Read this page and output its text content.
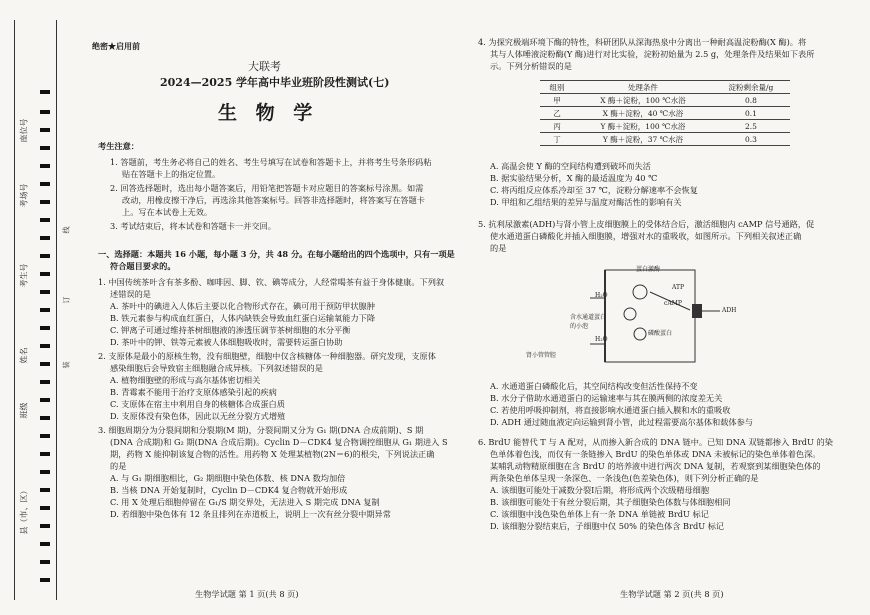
座位号
考场号
考生号
姓名
班级
县（市、区）
线
订
装
绝密★启用前
大联考
2024—2025 学年高中毕业班阶段性测试(七)
生 物 学
考生注意：
1. 答题前，考生务必将自己的姓名、考生号填写在试卷和答题卡上，并将考生号条形码粘
贴在答题卡上的指定位置。
2. 回答选择题时，选出每小题答案后，用铅笔把答题卡对应题目的答案标号涂黑。如需
改动，用橡皮擦干净后，再选涂其他答案标号。回答非选择题时，将答案写在答题卡
上。写在本试卷上无效。
3. 考试结束后，将本试卷和答题卡一并交回。
一、选择题：本题共 16 小题，每小题 3 分，共 48 分。在每小题给出的四个选项中，只有一项是
符合题目要求的。
1. 中国传统茶叶含有茶多酚、咖啡因、脚、钦、碘等成分，人经常喝茶有益于身体健康。下列叙
述错误的是
A. 茶叶中的碘进入人体后主要以化合物形式存在，碘可用于预防甲状腺肿
B. 铁元素参与构成血红蛋白，人体内缺铁会导致血红蛋白运输氧能力下降
C. 钾离子可通过维持茶树细胞液的渗透压调节茶树细胞的水分平衡
D. 茶叶中的钾、铁等元素被人体细胞吸收时，需要转运蛋白协助
2. 支原体是最小的原核生物，没有细胞壁，细胞中仅含核糖体一种细胞器。研究发现，支原体
感染细胞后会导致宿主细胞融合成异核。下列叙述错误的是
A. 植物细胞壁的形成与高尔基体密切相关
B. 青霉素不能用于治疗支原体感染引起的疾病
C. 支原体在宿主中利用自身的核糖体合成蛋白质
D. 支原体没有染色体，因此以无丝分裂方式增殖
3. 细胞周期分为分裂间期和分裂期(M 期)，分裂间期又分为 G₁ 期(DNA 合成前期)、S 期
(DNA 合成期)和 G₂ 期(DNA 合成后期)。Cyclin D－CDK4 复合物调控细胞从 G₁ 期进入 S
期，药物 X 能抑制该复合物的活性。用药物 X 处理某植物(2N＝6)的根尖，下列说法正确
的是
A. 与 G₁ 期细胞相比，G₂ 期细胞中染色体数、核 DNA 数均加倍
B. 当核 DNA 开始复制时，Cyclin D－CDK4 复合物就开始形成
C. 用 X 处理后细胞停留在 G₁/S 期交界处，无法进入 S 期完成 DNA 复制
D. 若细胞中染色体有 12 条且排列在赤道板上，说明上一次有丝分裂中期异常
生物学试题 第 1 页(共 8 页)
4. 为探究极端环境下酶的特性，科研团队从深海热泉中分离出一种耐高温淀粉酶(X 酶)。将
其与人体唾液淀粉酶(Y 酶)进行对比实验，淀粉初始量为 2.5 g，处理条件及结果如下表所
示。下列分析错误的是
组别	处理条件	淀粉剩余量/g
甲	X 酶＋淀粉，100 ℃水浴	0.8
乙	X 酶＋淀粉，40 ℃水浴	0.1
丙	Y 酶＋淀粉，100 ℃水浴	2.5
丁	Y 酶＋淀粉，37 ℃水浴	0.3
A. 高温会使 Y 酶的空间结构遭到破坏而失活
B. 据实验结果分析，X 酶的最适温度为 40 ℃
C. 将丙组反应体系冷却至 37 ℃，淀粉分解速率不会恢复
D. 甲组和乙组结果的差异与温度对酶活性的影响有关
5. 抗利尿激素(ADH)与肾小管上皮细胞膜上的受体结合后，激活细胞内 cAMP 信号通路，促
使水通道蛋白磷酸化并插入细胞膜，增强对水的重吸收，如图所示。下列相关叙述正确
的是
H₂O
蛋白激酶
ATP
cAMP
ADH
含水通道蛋白的小泡
磷酸蛋白
H₂O
肾小管管腔
A. 水通道蛋白磷酸化后，其空间结构改变但活性保持不变
B. 水分子借助水通道蛋白的运输速率与其在膜两侧的浓度差无关
C. 若使用呼吸抑制剂，将直接影响水通道蛋白插入膜和水的重吸收
D. ADH 通过随血液定向运输到肾小管，此过程需要高尔基体和载体参与
6. BrdU 能替代 T 与 A 配对，从而掺入新合成的 DNA 链中。已知 DNA 双链都掺入 BrdU 的染
色单体着色浅，而仅有一条链掺入 BrdU 的染色单体或 DNA 未被标记的染色单体着色深。
某哺乳动物精原细胞在含 BrdU 的培养液中进行两次 DNA 复制，若观察到某细胞染色体的
两条染色单体呈现一条深色、一条浅色(色差染色体)，则下列分析正确的是
A. 该细胞可能处于减数分裂Ⅰ后期，将形成两个次级精母细胞
B. 该细胞可能处于有丝分裂后期，其子细胞染色体数与体细胞相同
C. 该细胞中浅色染色单体上有一条 DNA 单链被 BrdU 标记
D. 该细胞分裂结束后，子细胞中仅 50% 的染色体含 BrdU 标记
生物学试题 第 2 页(共 8 页)
